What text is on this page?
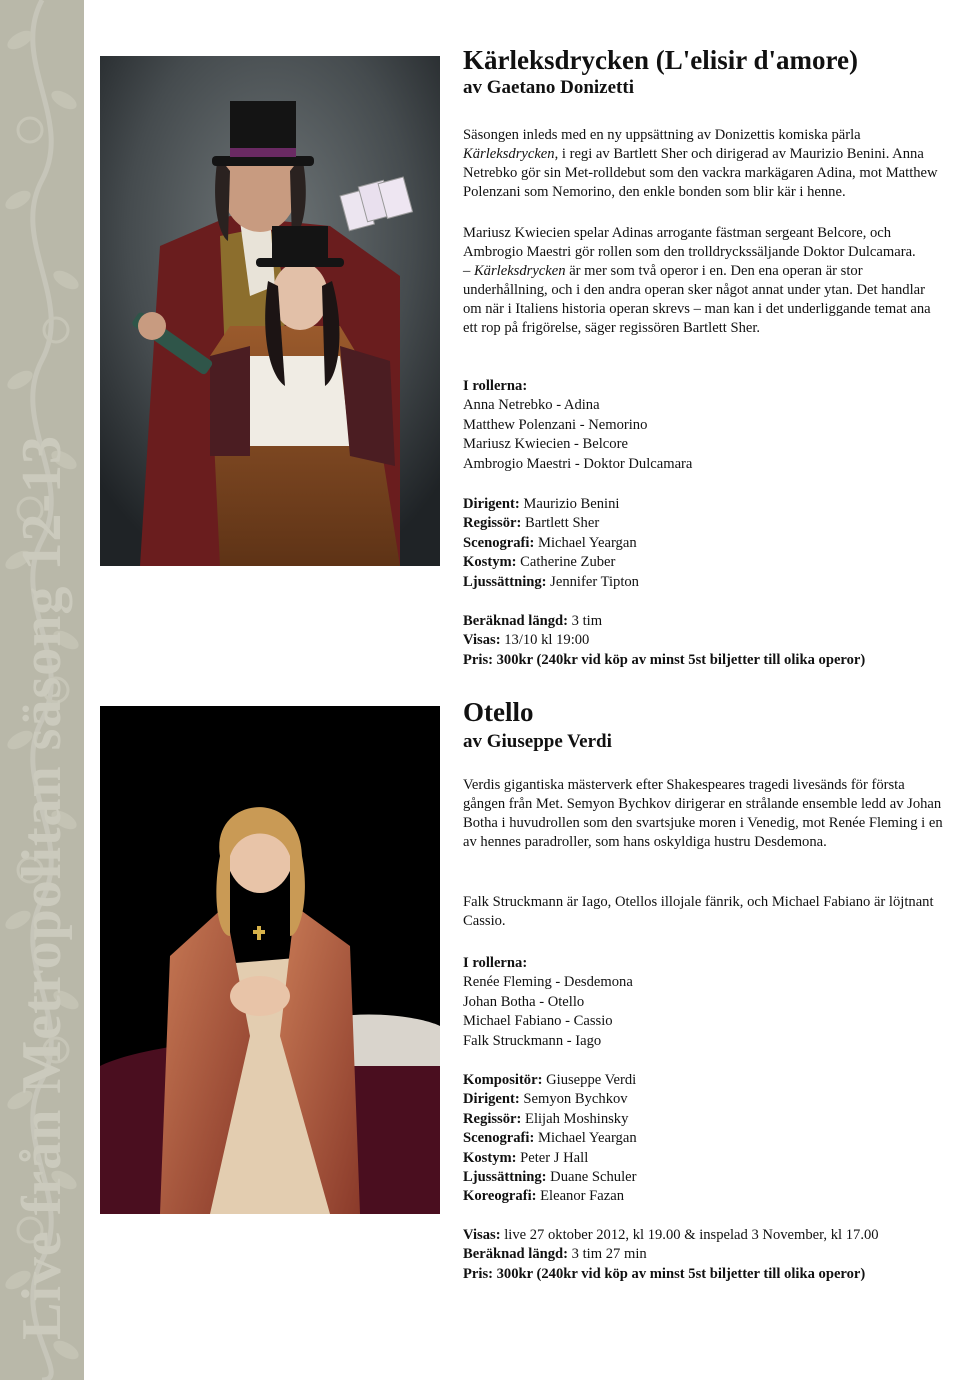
Live från Metropolitan säsong 12-13
Kärleksdrycken (L'elisir d'amore)
av Gaetano Donizetti

Säsongen inleds med en ny uppsättning av Donizettis komiska pärla Kärleksdrycken, i regi av Bartlett Sher och dirigerad av Maurizio Benini. Anna Netrebko gör sin Met-rolldebut som den vackra markägaren Adina, mot Matthew Polenzani som Nemorino, den enkle bonden som blir kär i henne.

Mariusz Kwiecien spelar Adinas arrogante fästman sergeant Belcore, och Ambrogio Maestri gör rollen som den trolldryckssäljande Doktor Dulcamara.

– Kärleksdrycken är mer som två operor i en. Den ena operan är stor underhållning, och i den andra operan sker något annat under ytan. Det handlar om när i Italiens historia operan skrevs – man kan i det underliggande temat ana ett rop på frigörelse, säger regissören Bartlett Sher.

I rollerna:

Anna Netrebko - Adina

Matthew Polenzani - Nemorino

Mariusz Kwiecien - Belcore

Ambrogio Maestri - Doktor Dulcamara

Dirigent: Maurizio Benini

Regissör: Bartlett Sher

Scenografi: Michael Yeargan

Kostym: Catherine Zuber

Ljussättning: Jennifer Tipton

Beräknad längd: 3 tim

Visas: 13/10 kl 19:00

Pris: 300kr (240kr vid köp av minst 5st biljetter till olika operor)

Otello
av Giuseppe Verdi

Verdis gigantiska mästerverk efter Shakespeares tragedi livesänds för första gången från Met. Semyon Bychkov dirigerar en strålande ensemble ledd av Johan Botha i huvudrollen som den svartsjuke moren i Venedig, mot Renée Fleming i en av hennes paradroller, som hans oskyldiga hustru Desdemona.

Falk Struckmann är Iago, Otellos illojale fänrik, och Michael Fabiano är löjtnant Cassio.

I rollerna:

Renée Fleming - Desdemona

Johan Botha - Otello

Michael Fabiano - Cassio

Falk Struckmann - Iago

Kompositör: Giuseppe Verdi

Dirigent: Semyon Bychkov

Regissör: Elijah Moshinsky

Scenografi: Michael Yeargan

Kostym: Peter J Hall

Ljussättning: Duane Schuler

Koreografi: Eleanor Fazan

Visas: live 27 oktober 2012, kl 19.00 & inspelad 3 November, kl 17.00

Beräknad längd: 3 tim 27 min

Pris: 300kr (240kr vid köp av minst 5st biljetter till olika operor)
